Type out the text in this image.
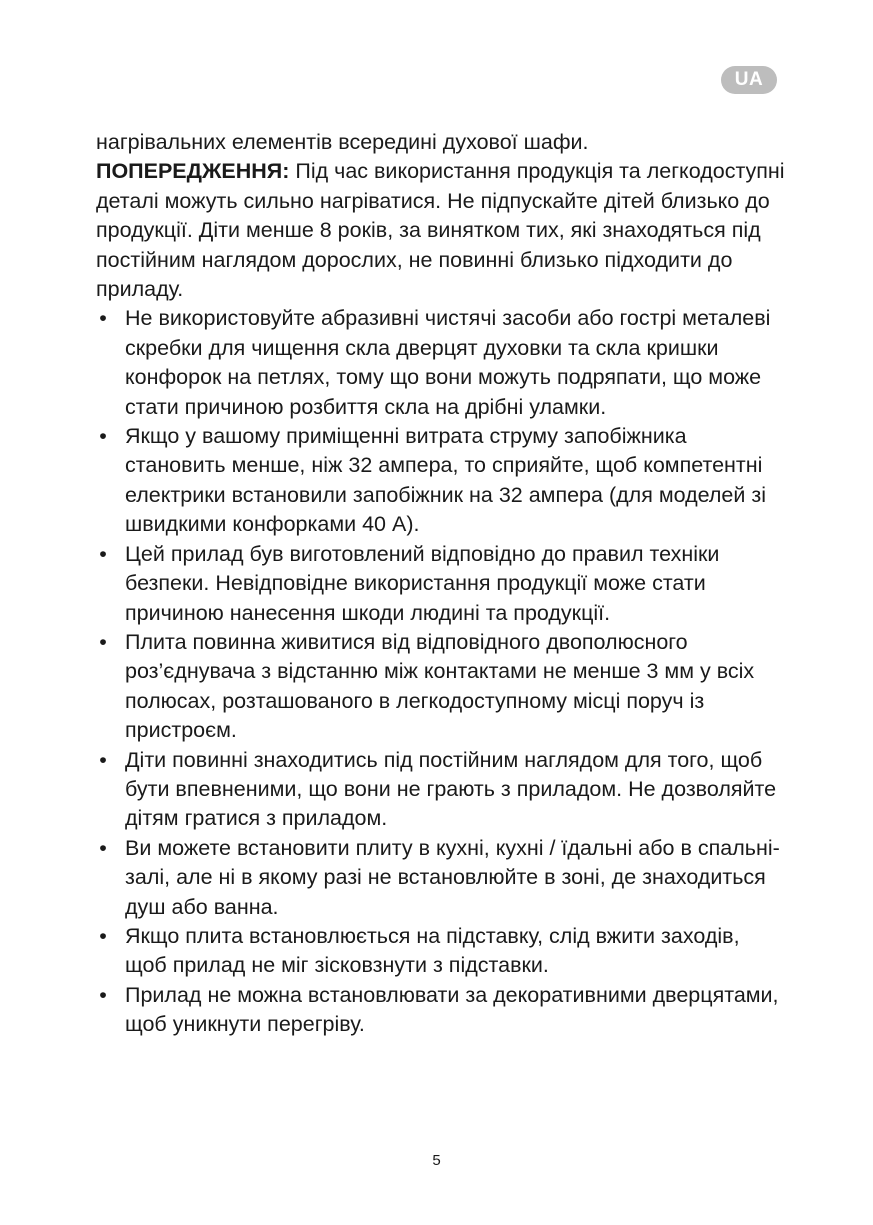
UA

нагрівальних елементів всередині духової шафи.

ПОПЕРЕДЖЕННЯ: Під час використання продукція та легкодоступні деталі можуть сильно нагріватися. Не підпускайте дітей близько до продукції. Діти менше 8 років, за винятком тих, які знаходяться під постійним наглядом дорослих, не повинні близько підходити до приладу.

• Не використовуйте абразивні чистячі засоби або гострі металеві скребки для чищення скла дверцят духовки та скла кришки конфорок на петлях, тому що вони можуть подряпати, що може стати причиною розбиття скла на дрібні уламки.
• Якщо у вашому приміщенні витрата струму запобіжника становить менше, ніж 32 ампера, то сприяйте, щоб компетентні електрики встановили запобіжник на 32 ампера (для моделей зі швидкими конфорками 40 А).
• Цей прилад був виготовлений відповідно до правил техніки безпеки. Невідповідне використання продукції може стати причиною нанесення шкоди людині та продукції.
• Плита повинна живитися від відповідного двополюсного роз’єднувача з відстанню між контактами не менше 3 мм у всіх полюсах, розташованого в легкодоступному місці поруч із пристроєм.
• Діти повинні знаходитись під постійним наглядом для того, щоб бути впевненими, що вони не грають з приладом. Не дозволяйте дітям гратися з приладом.
• Ви можете встановити плиту в кухні, кухні / їдальні або в спальні-залі, але ні в якому разі не встановлюйте в зоні, де знаходиться душ або ванна.
• Якщо плита встановлюється на підставку, слід вжити заходів, щоб прилад не міг зісковзнути з підставки.
• Прилад не можна встановлювати за декоративними дверцятами, щоб уникнути перегріву.
5
